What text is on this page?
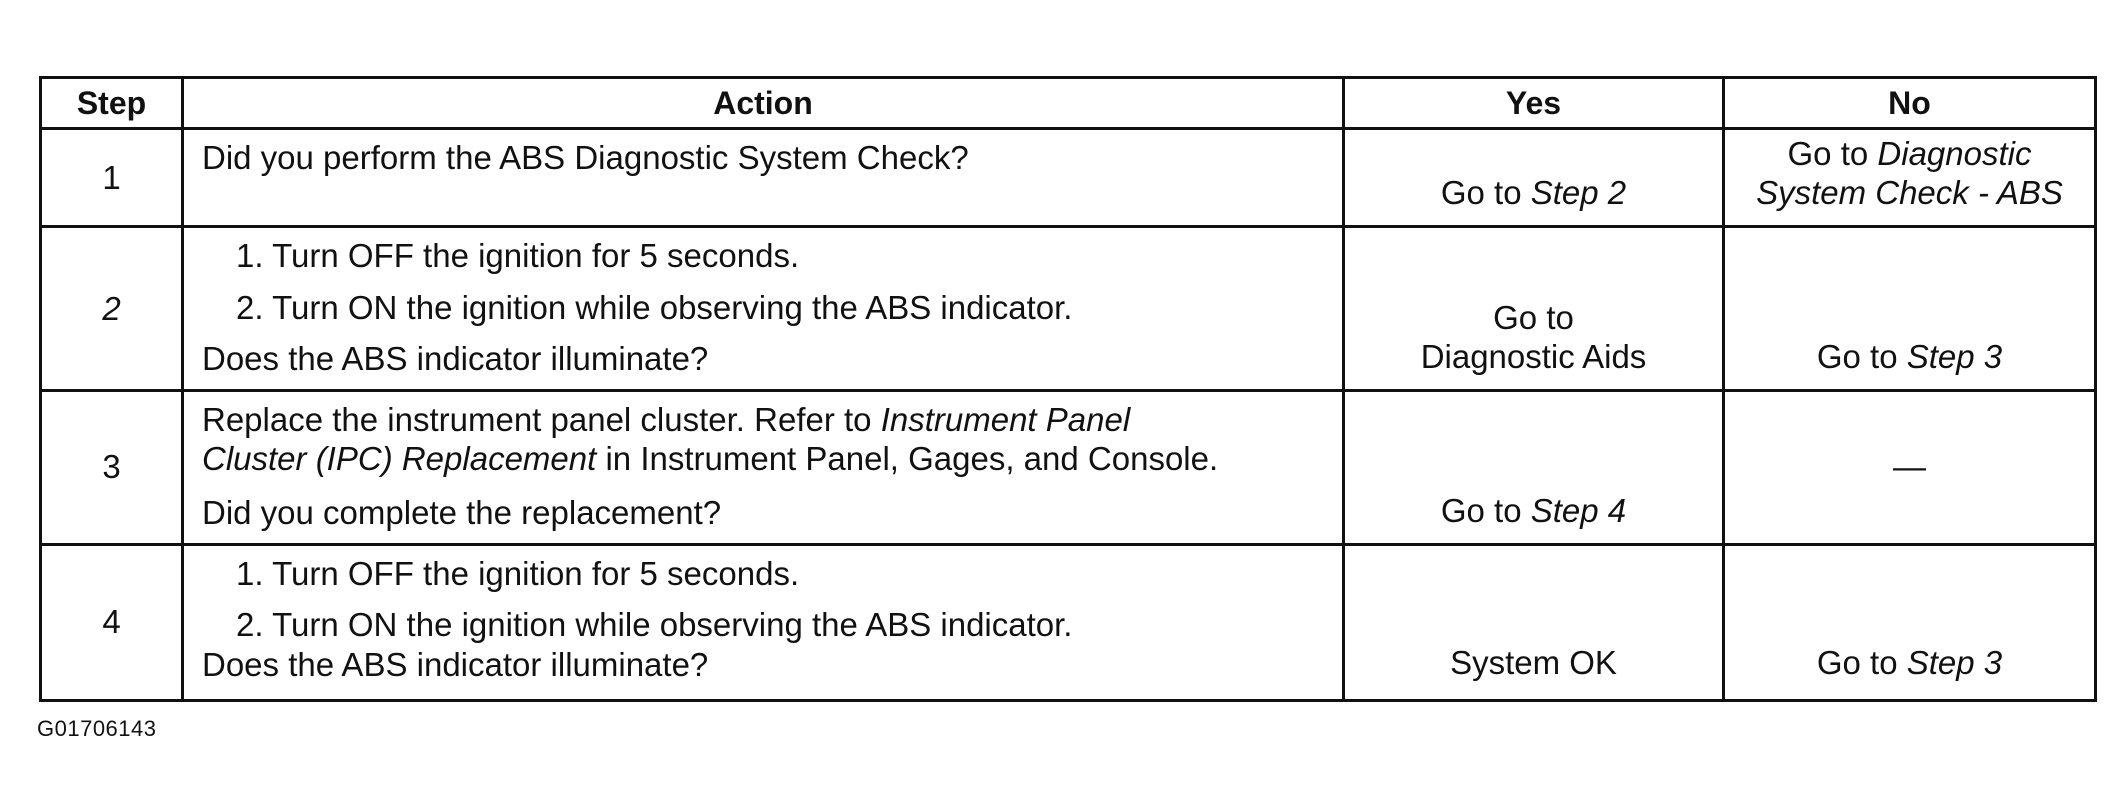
Step	Action	Yes	No
1	Did you perform the ABS Diagnostic System Check?	Go to Step 2	Go to Diagnostic
System Check - ABS
2	1. Turn OFF the ignition for 5 seconds.
2. Turn ON the ignition while observing the ABS indicator.
Does the ABS indicator illuminate?	Go to
Diagnostic Aids	Go to Step 3
3	Replace the instrument panel cluster. Refer to Instrument Panel
Cluster (IPC) Replacement in Instrument Panel, Gages, and Console.
Did you complete the replacement?	Go to Step 4	—
4	1. Turn OFF the ignition for 5 seconds.
2. Turn ON the ignition while observing the ABS indicator.
Does the ABS indicator illuminate?	System OK	Go to Step 3
G01706143
